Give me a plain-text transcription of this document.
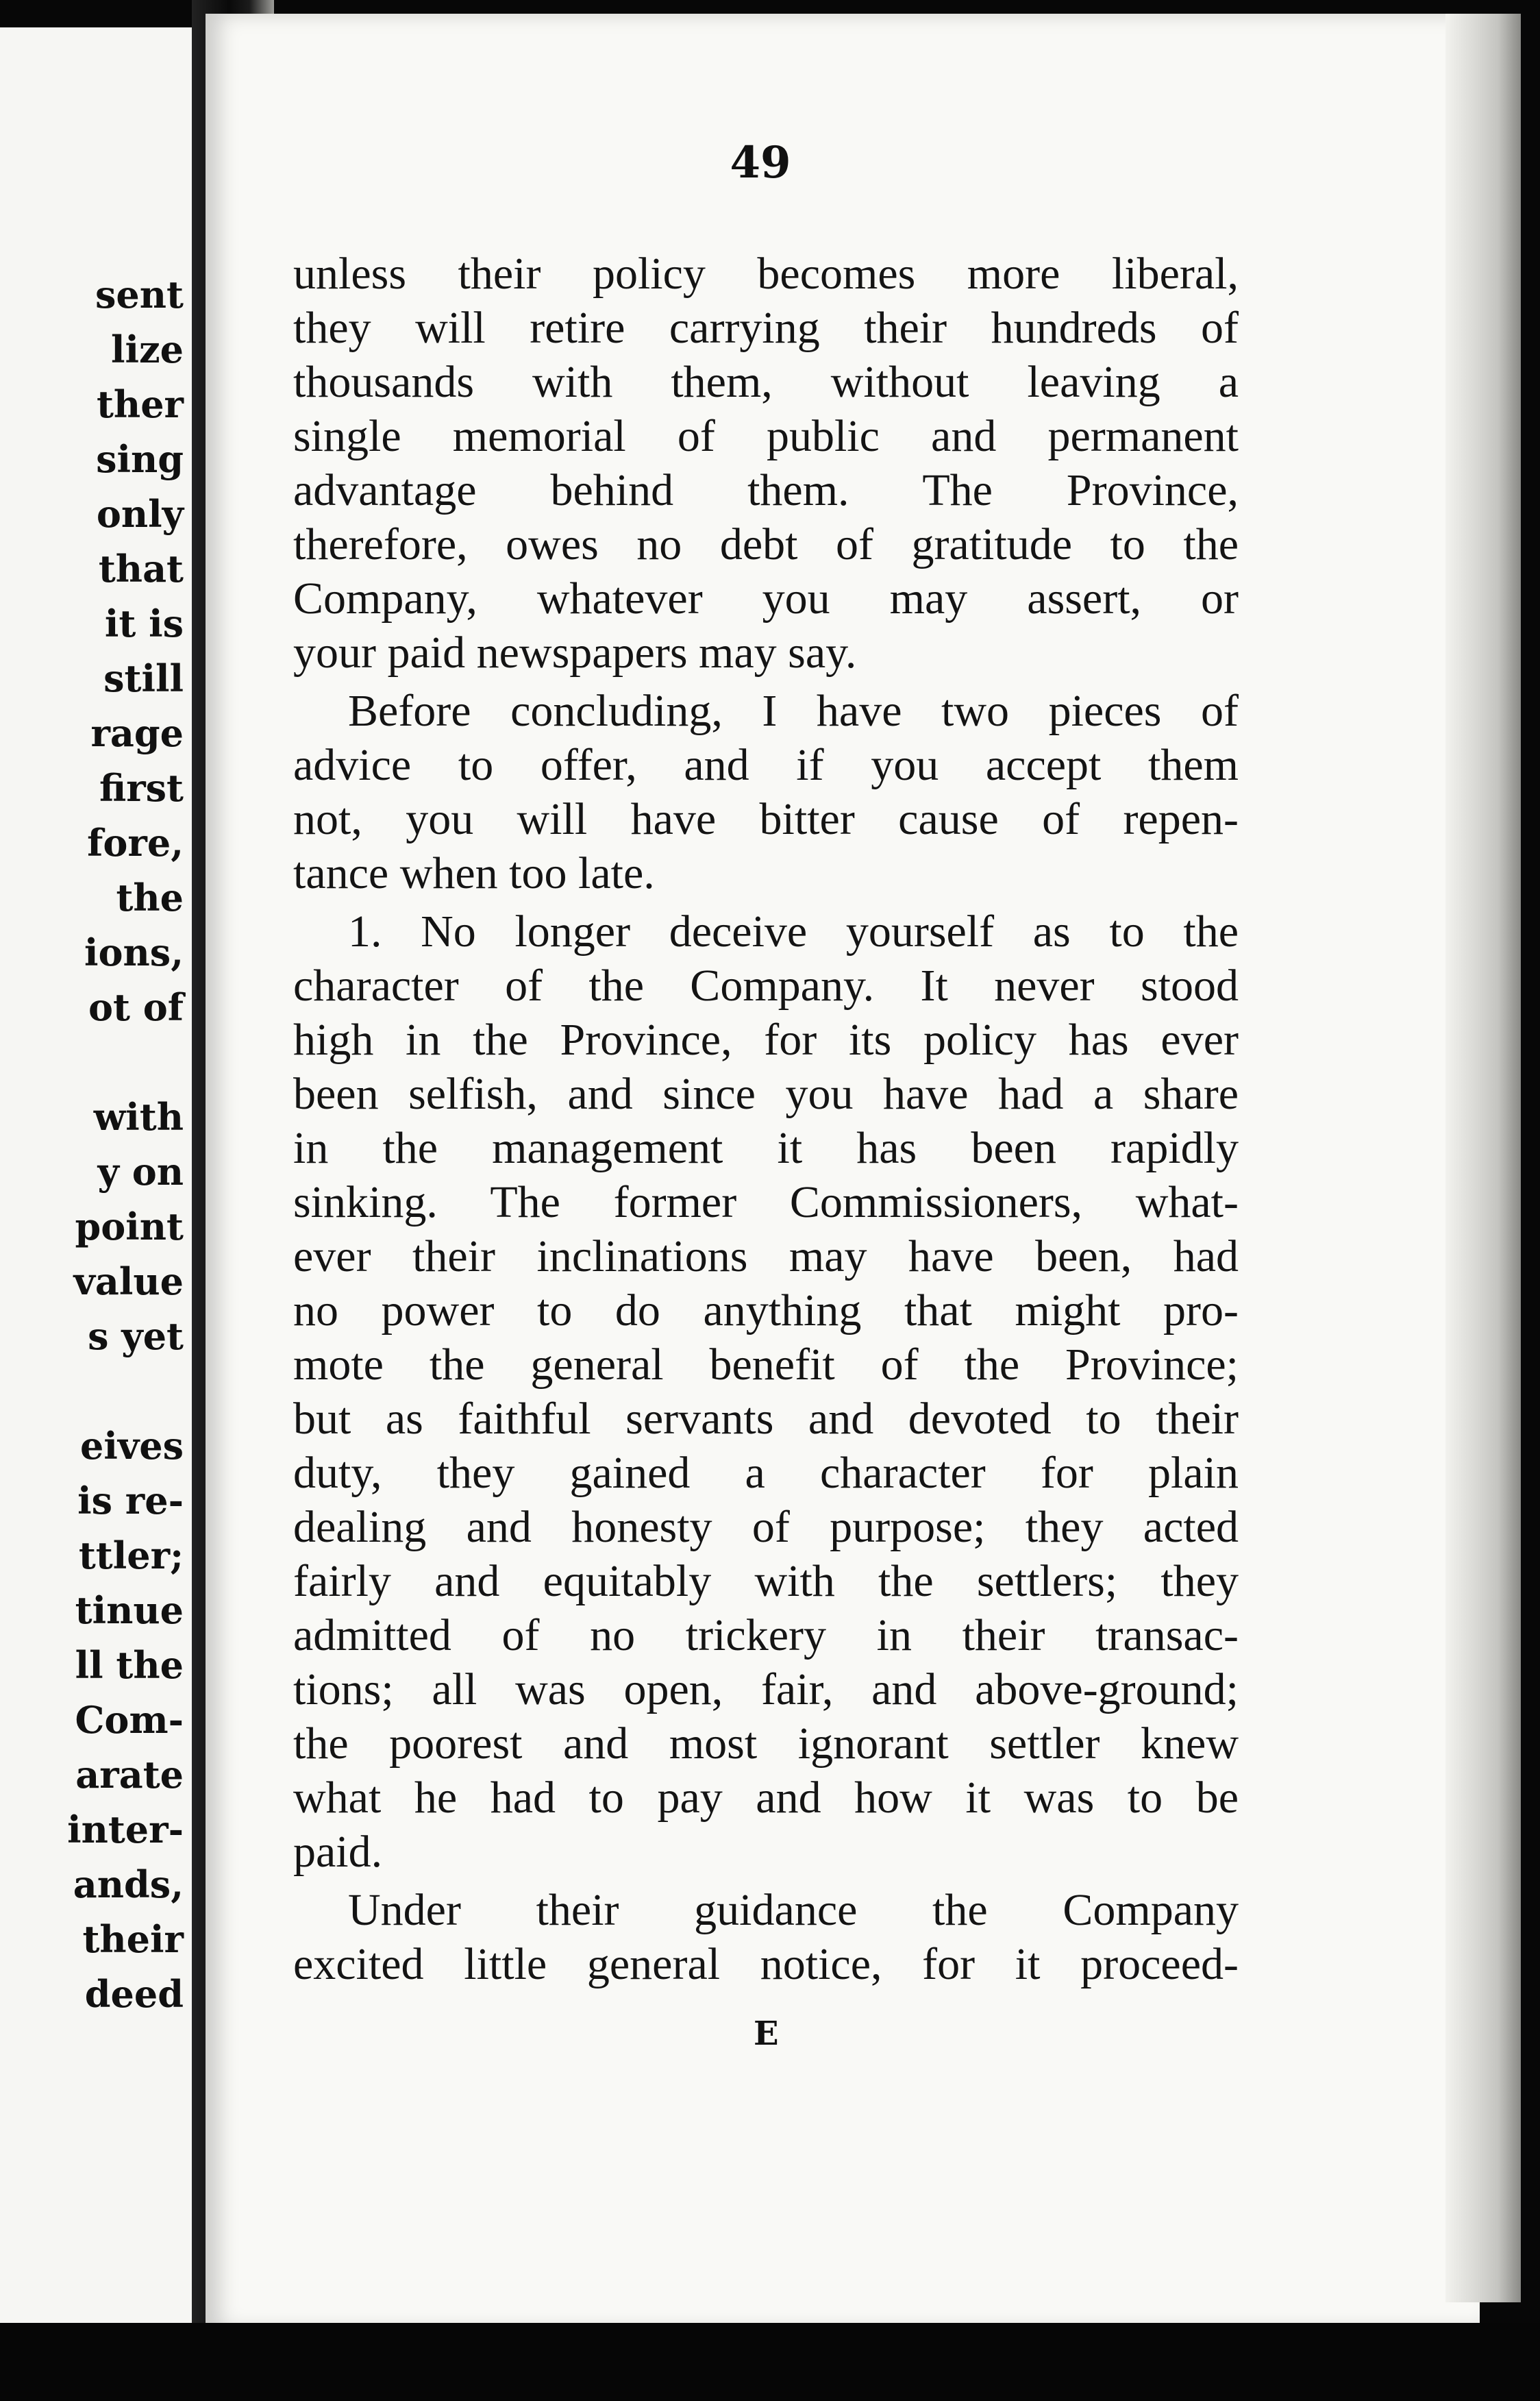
sent
lize
ther
sing
only
that
it is
still
rage
first
fore,
the
ions,
ot of
with
y on
point
value
s yet
eives
is re-
ttler;
tinue
ll the
Com-
arate
inter-
ands,
their
deed
49
unless their policy becomes more liberal,
they will retire carrying their hundreds of
thousands with them, without leaving a
single memorial of public and permanent
advantage behind them. The Province,
therefore, owes no debt of gratitude to the
Company, whatever you may assert, or
your paid newspapers may say.
Before concluding, I have two pieces of
advice to offer, and if you accept them
not, you will have bitter cause of repen-
tance when too late.
1. No longer deceive yourself as to the
character of the Company. It never stood
high in the Province, for its policy has ever
been selfish, and since you have had a share
in the management it has been rapidly
sinking. The former Commissioners, what-
ever their inclinations may have been, had
no power to do anything that might pro-
mote the general benefit of the Province;
but as faithful servants and devoted to their
duty, they gained a character for plain
dealing and honesty of purpose; they acted
fairly and equitably with the settlers; they
admitted of no trickery in their transac-
tions; all was open, fair, and above-ground;
the poorest and most ignorant settler knew
what he had to pay and how it was to be
paid.
Under their guidance the Company
excited little general notice, for it proceed-
E
